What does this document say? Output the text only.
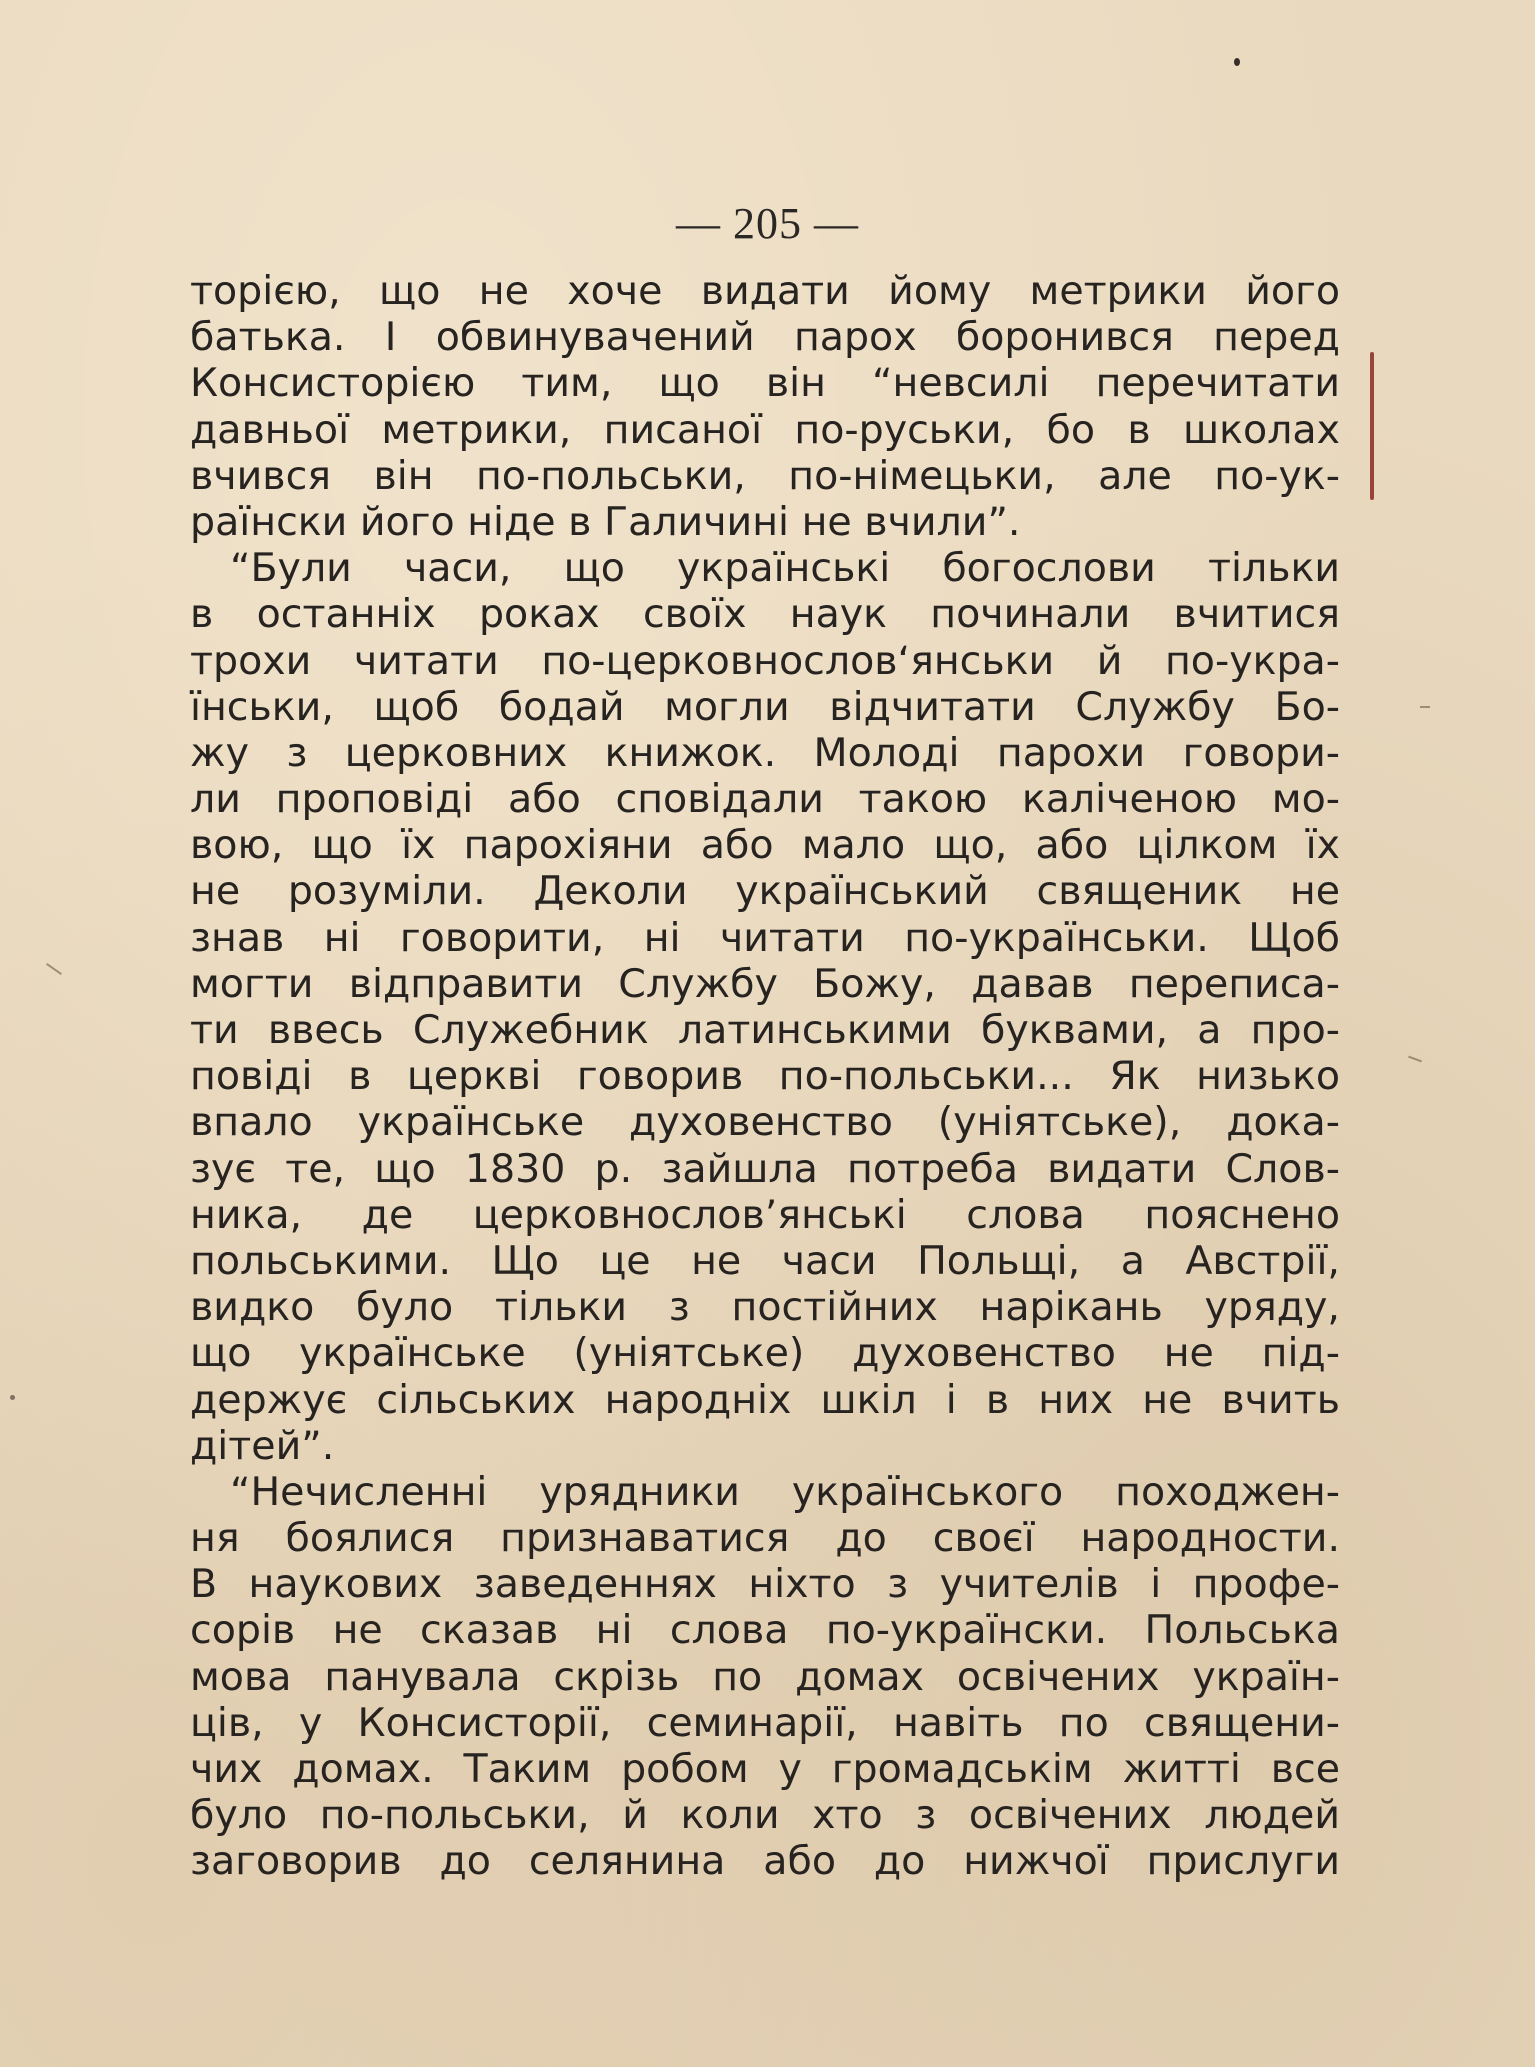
— 205 —
торією, що не хоче видати йому метрики його
батька. І обвинувачений парох боронився перед
Консисторією тим, що він “невсилі перечитати
давньої метрики, писаної по-руськи, бо в школах
вчився він по-польськи, по-німецьки, але по-ук-
раїнски його ніде в Галичині не вчили”.
“Були часи, що українські богослови тільки
в останніх роках своїх наук починали вчитися
трохи читати по-церковнослов‘янськи й по-укра-
їнськи, щоб бодай могли відчитати Службу Бо-
жу з церковних книжок. Молоді парохи говори-
ли проповіді або сповідали такою каліченою мо-
вою, що їх парохіяни або мало що, або цілком їх
не розуміли. Деколи український священик не
знав ні говорити, ні читати по-українськи. Щоб
могти відправити Службу Божу, давав переписа-
ти ввесь Служебник латинськими буквами, а про-
повіді в церкві говорив по-польськи... Як низько
впало українське духовенство (уніятське), дока-
зує те, що 1830 р. зайшла потреба видати Слов-
ника, де церковнослов’янські слова пояснено
польськими. Що це не часи Польщі, а Австрії,
видко було тільки з постійних нарікань уряду,
що українське (уніятське) духовенство не під-
держує сільських народніх шкіл і в них не вчить
дітей”.
“Нечисленні урядники українського походжен-
ня боялися признаватися до своєї народности.
В наукових заведеннях ніхто з учителів і профе-
сорів не сказав ні слова по-українски. Польська
мова панувала скрізь по домах освічених україн-
ців, у Консисторії, семинарії, навіть по священи-
чих домах. Таким робом у громадськім житті все
було по-польськи, й коли хто з освічених людей
заговорив до селянина або до нижчої прислуги
